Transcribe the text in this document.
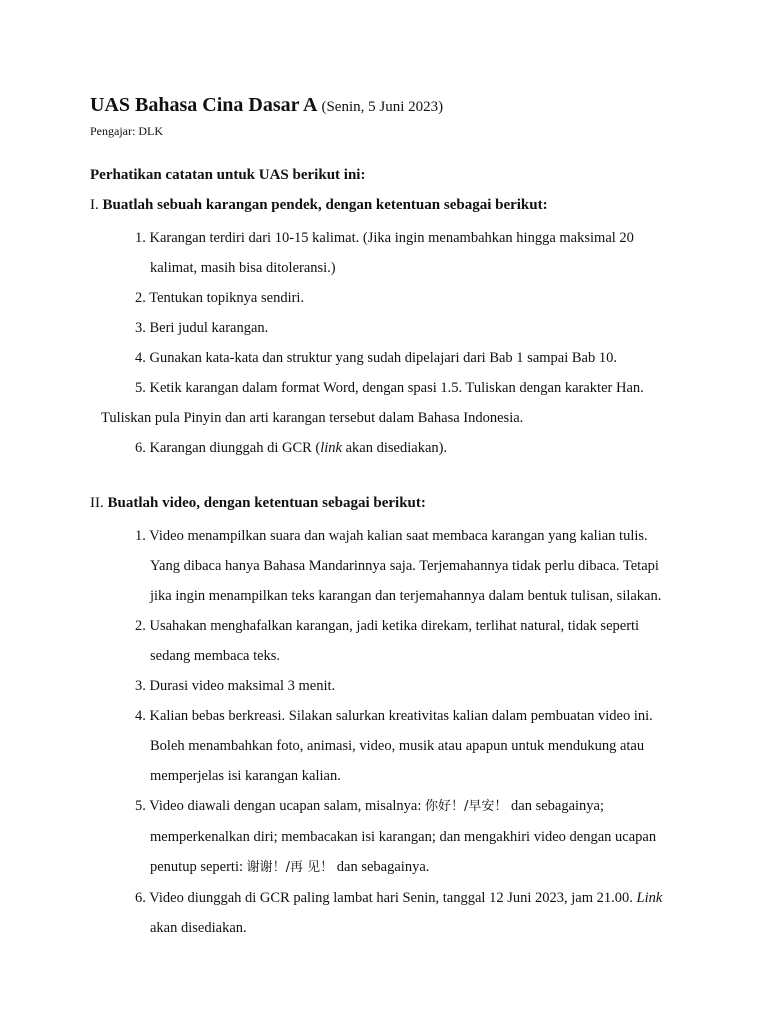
UAS Bahasa Cina Dasar A (Senin, 5 Juni 2023)

Pengajar: DLK

Perhatikan catatan untuk UAS berikut ini:

I. Buatlah sebuah karangan pendek, dengan ketentuan sebagai berikut:

1. Karangan terdiri dari 10-15 kalimat. (Jika ingin menambahkan hingga maksimal 20
kalimat, masih bisa ditoleransi.)
2. Tentukan topiknya sendiri.
3. Beri judul karangan.
4. Gunakan kata-kata dan struktur yang sudah dipelajari dari Bab 1 sampai Bab 10.
5. Ketik karangan dalam format Word, dengan spasi 1.5. Tuliskan dengan karakter Han.
Tuliskan pula Pinyin dan arti karangan tersebut dalam Bahasa Indonesia.
6. Karangan diunggah di GCR (link akan disediakan).

II. Buatlah video, dengan ketentuan sebagai berikut:

1. Video menampilkan suara dan wajah kalian saat membaca karangan yang kalian tulis.
Yang dibaca hanya Bahasa Mandarinnya saja. Terjemahannya tidak perlu dibaca. Tetapi
jika ingin menampilkan teks karangan dan terjemahannya dalam bentuk tulisan, silakan.
2. Usahakan menghafalkan karangan, jadi ketika direkam, terlihat natural, tidak seperti
sedang membaca teks.
3. Durasi video maksimal 3 menit.
4. Kalian bebas berkreasi. Silakan salurkan kreativitas kalian dalam pembuatan video ini.
Boleh menambahkan foto, animasi, video, musik atau apapun untuk mendukung atau
memperjelas isi karangan kalian.
5. Video diawali dengan ucapan salam, misalnya: 你好！/早安！ dan sebagainya;
memperkenalkan diri; membacakan isi karangan; dan mengakhiri video dengan ucapan
penutup seperti: 谢谢！/再 见！ dan sebagainya.
6. Video diunggah di GCR paling lambat hari Senin, tanggal 12 Juni 2023, jam 21.00. Link
akan disediakan.
